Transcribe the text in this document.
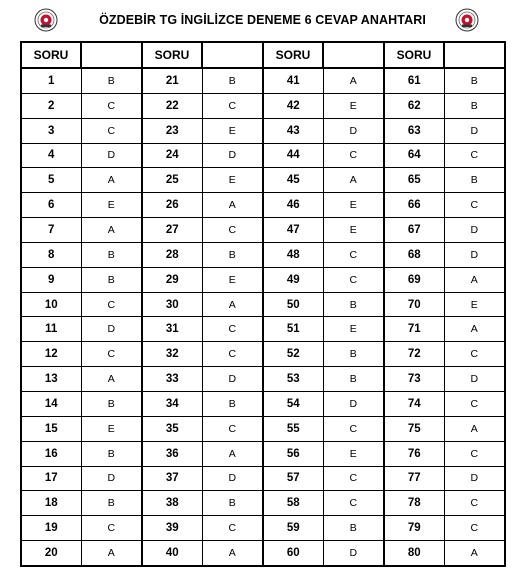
ÖZDEBİR TG İNGİLİZCE DENEME 6 CEVAP ANAHTARI
SORU		SORU		SORU		SORU	
1	B	21	B	41	A	61	B
2	C	22	C	42	E	62	B
3	C	23	E	43	D	63	D
4	D	24	D	44	C	64	C
5	A	25	E	45	A	65	B
6	E	26	A	46	E	66	C
7	A	27	C	47	E	67	D
8	B	28	B	48	C	68	D
9	B	29	E	49	C	69	A
10	C	30	A	50	B	70	E
11	D	31	C	51	E	71	A
12	C	32	C	52	B	72	C
13	A	33	D	53	B	73	D
14	B	34	B	54	D	74	C
15	E	35	C	55	C	75	A
16	B	36	A	56	E	76	C
17	D	37	D	57	C	77	D
18	B	38	B	58	C	78	C
19	C	39	C	59	B	79	C
20	A	40	A	60	D	80	A
